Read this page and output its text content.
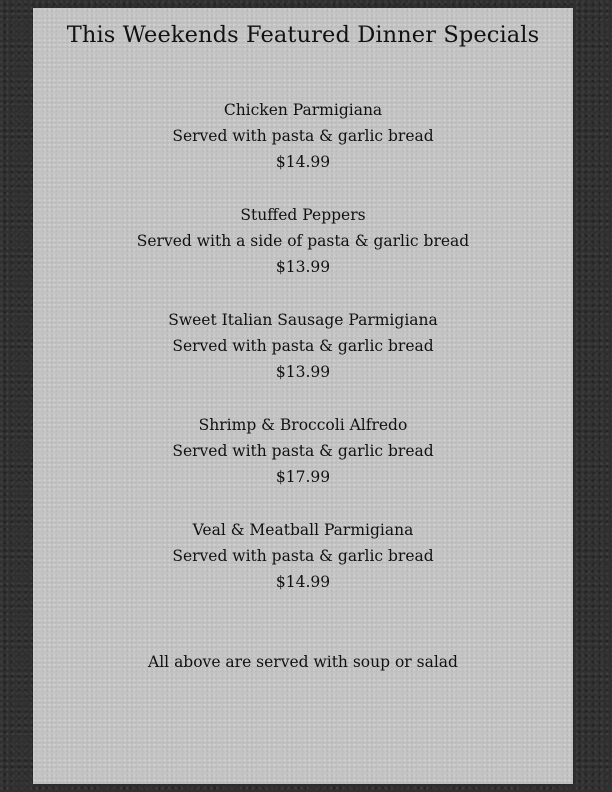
This Weekends Featured Dinner Specials
Chicken Parmigiana
Served with pasta & garlic bread
$14.99
Stuffed Peppers
Served with a side of pasta & garlic bread
$13.99
Sweet Italian Sausage Parmigiana
Served with pasta & garlic bread
$13.99
Shrimp & Broccoli Alfredo
Served with pasta & garlic bread
$17.99
Veal & Meatball Parmigiana
Served with pasta & garlic bread
$14.99
All above are served with soup or salad
